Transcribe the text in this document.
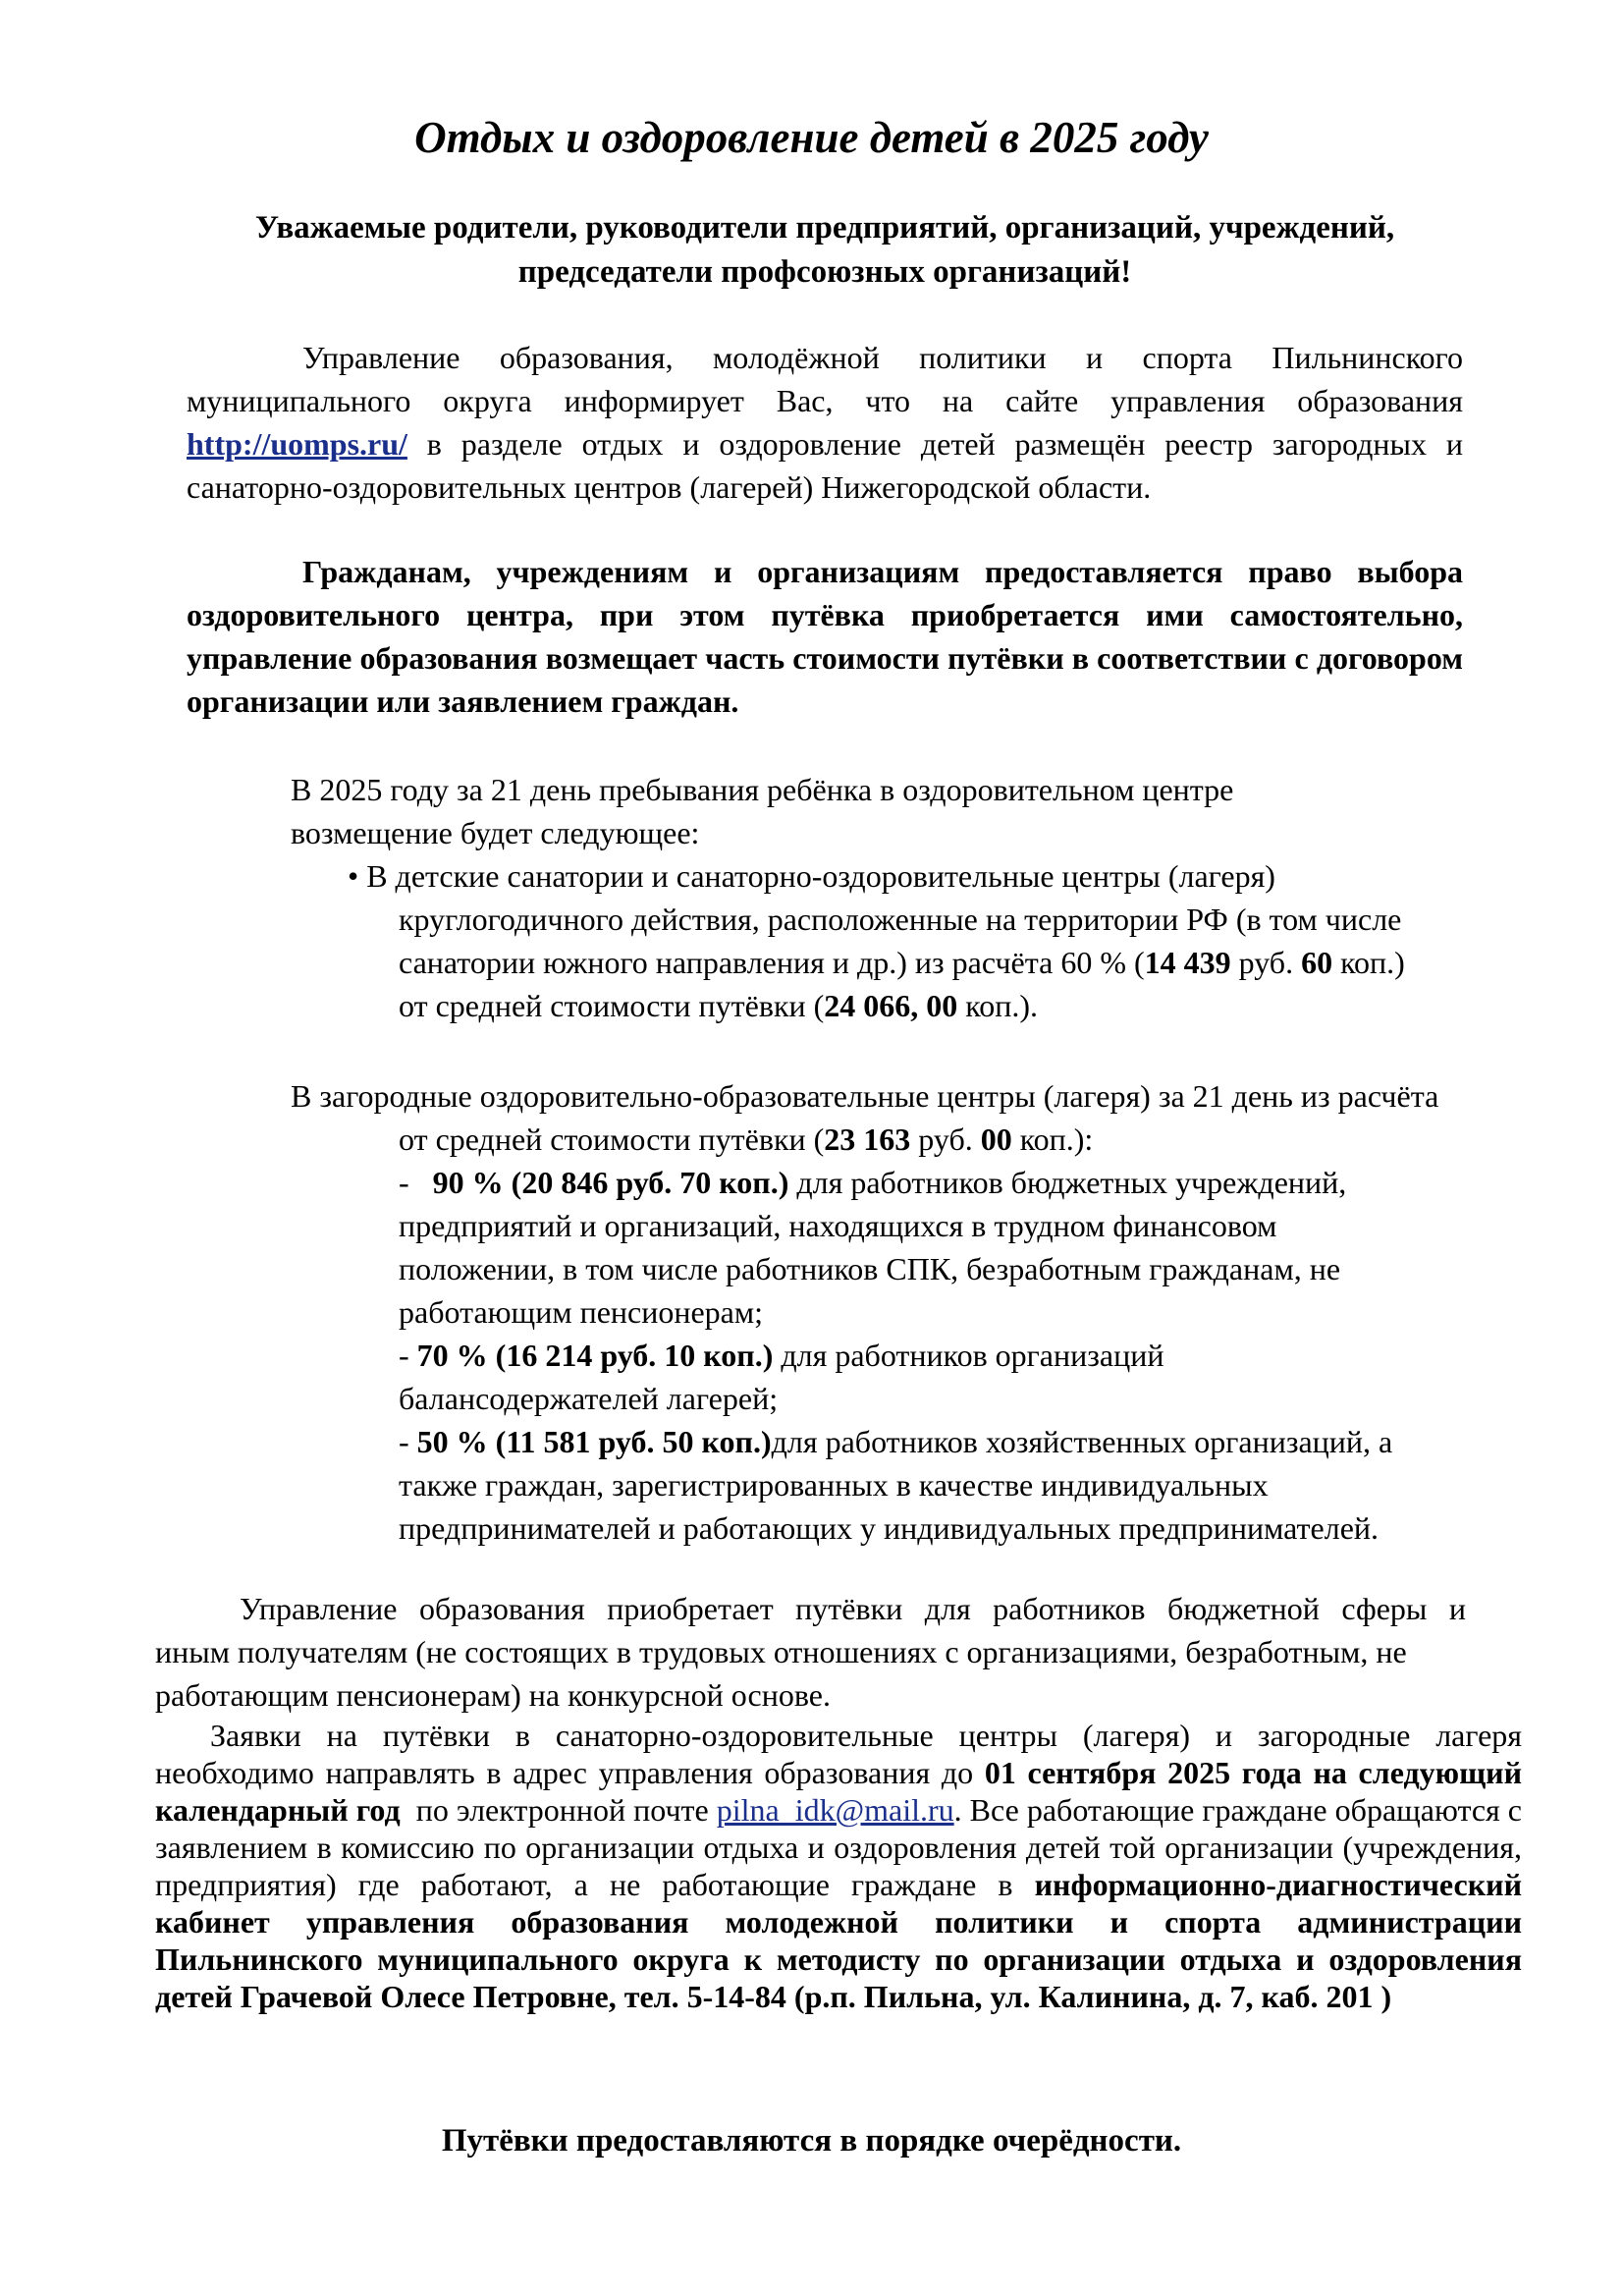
Отдых и оздоровление детей в 2025 году
Уважаемые родители, руководители предприятий, организаций, учреждений,
председатели профсоюзных организаций!

Управление образования, молодёжной политики и спорта Пильнинского муниципального округа информирует Вас, что на сайте управления образования http://uomps.ru/ в разделе отдых и оздоровление детей размещён реестр загородных и санаторно-оздоровительных центров (лагерей) Нижегородской области.

Гражданам, учреждениям и организациям предоставляется право выбора оздоровительного центра, при этом путёвка приобретается ими самостоятельно, управление образования возмещает часть стоимости путёвки в соответствии с договором организации или заявлением граждан.

В 2025 году за 21 день пребывания ребёнка в оздоровительном центре
возмещение будет следующее:
• В детские санатории и санаторно-оздоровительные центры (лагеря)
круглогодичного действия, расположенные на территории РФ (в том числе
санатории южного направления и др.) из расчёта 60 % (14 439 руб. 60 коп.)
от средней стоимости путёвки (24 066, 00 коп.).
В загородные оздоровительно-образовательные центры (лагеря) за 21 день из расчёта
от средней стоимости путёвки (23 163 руб. 00 коп.):
-   90 % (20 846 руб. 70 коп.) для работников бюджетных учреждений,
предприятий и организаций, находящихся в трудном финансовом
положении, в том числе работников СПК, безработным гражданам, не
работающим пенсионерам;
- 70 % (16 214 руб. 10 коп.) для работников организаций
балансодержателей лагерей;
- 50 % (11 581 руб. 50 коп.)для работников хозяйственных организаций, а
также граждан, зарегистрированных в качестве индивидуальных
предпринимателей и работающих у индивидуальных предпринимателей.
Управление образования приобретает путёвки для работников бюджетной сферы и
иным получателям (не состоящих в трудовых отношениях с организациями, безработным, не
работающим пенсионерам) на конкурсной основе.

Заявки на путёвки в санаторно-оздоровительные центры (лагеря) и загородные лагеря необходимо направлять в адрес управления образования до 01 сентября 2025 года на следующий календарный год  по электронной почте pilna_idk@mail.ru. Все работающие граждане обращаются с заявлением в комиссию по организации отдыха и оздоровления детей той организации (учреждения, предприятия) где работают, а не работающие граждане в информационно-диагностический кабинет управления образования молодежной политики и спорта администрации Пильнинского муниципального округа к методисту по организации отдыха и оздоровления детей Грачевой Олесе Петровне, тел. 5-14-84 (р.п. Пильна, ул. Калинина, д. 7, каб. 201 )

Путёвки предоставляются в порядке очерёдности.
